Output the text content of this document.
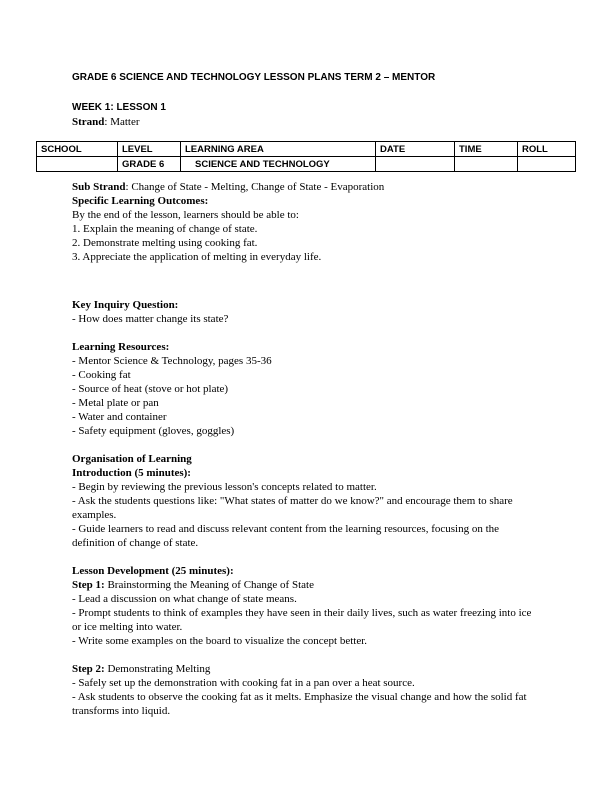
GRADE 6 SCIENCE AND TECHNOLOGY LESSON PLANS TERM 2 – MENTOR
WEEK 1: LESSON 1
Strand: Matter
SCHOOL	LEVEL	LEARNING AREA	DATE	TIME	ROLL
	GRADE 6	SCIENCE AND TECHNOLOGY			
Sub Strand: Change of State - Melting, Change of State - Evaporation
Specific Learning Outcomes:
By the end of the lesson, learners should be able to:
1. Explain the meaning of change of state.
2. Demonstrate melting using cooking fat.
3. Appreciate the application of melting in everyday life.
Key Inquiry Question:
- How does matter change its state?
Learning Resources:
- Mentor Science & Technology, pages 35-36
- Cooking fat
- Source of heat (stove or hot plate)
- Metal plate or pan
- Water and container
- Safety equipment (gloves, goggles)
Organisation of Learning
Introduction (5 minutes):
- Begin by reviewing the previous lesson's concepts related to matter.
- Ask the students questions like: "What states of matter do we know?" and encourage them to share examples.
- Guide learners to read and discuss relevant content from the learning resources, focusing on the definition of change of state.
Lesson Development (25 minutes):
Step 1: Brainstorming the Meaning of Change of State
- Lead a discussion on what change of state means.
- Prompt students to think of examples they have seen in their daily lives, such as water freezing into ice or ice melting into water.
- Write some examples on the board to visualize the concept better.
Step 2: Demonstrating Melting
- Safely set up the demonstration with cooking fat in a pan over a heat source.
- Ask students to observe the cooking fat as it melts. Emphasize the visual change and how the solid fat transforms into liquid.
